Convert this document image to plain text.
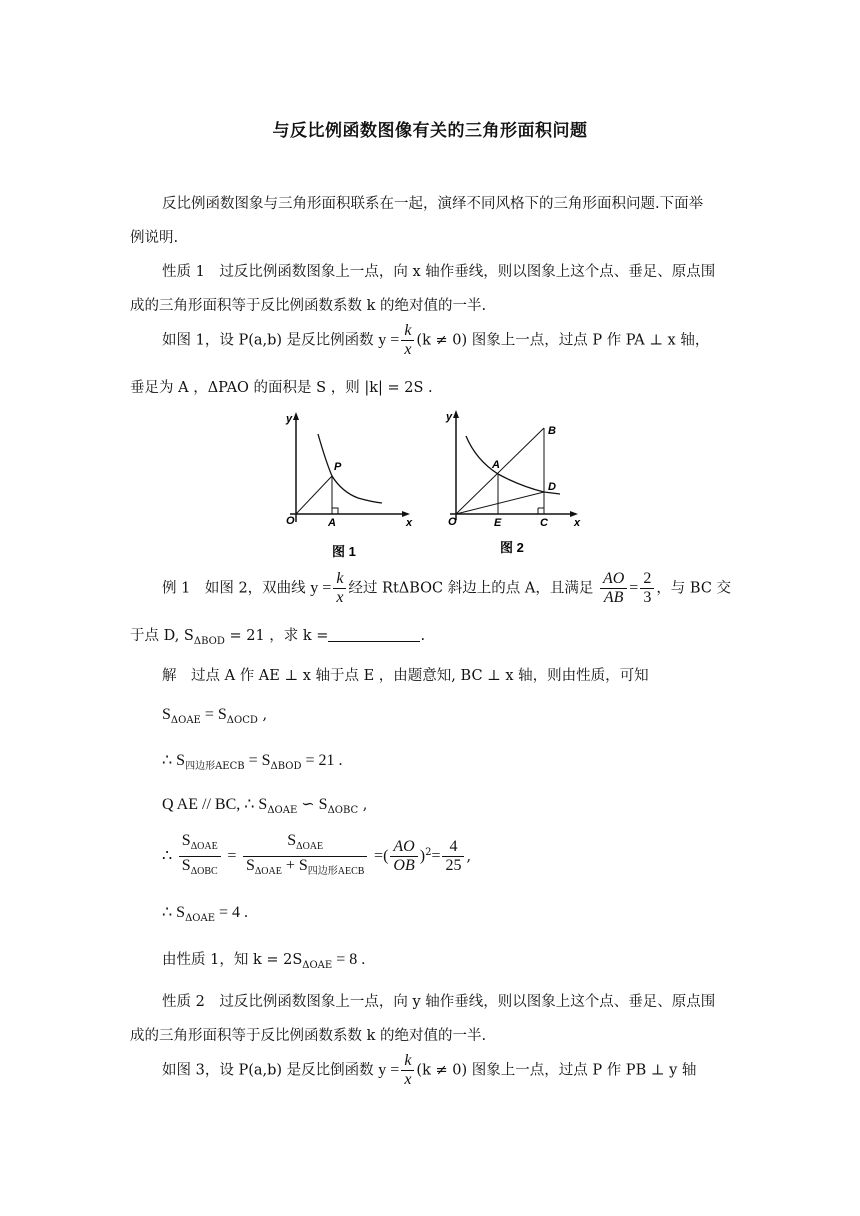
与反比例函数图像有关的三角形面积问题
反比例函数图象与三角形面积联系在一起，演绎不同风格下的三角形面积问题.下面举
例说明.
性质 1　过反比例函数图象上一点，向 x 轴作垂线，则以图象上这个点、垂足、原点围
成的三角形面积等于反比例函数系数 k 的绝对值的一半.
如图 1，设 P(a,b) 是反比例函数 $y = \frac{k}{x} (k \ne 0)$ 图象上一点，过点 P 作 PA ⊥ x 轴，
垂足为 A ，ΔPAO 的面积是 S ，则 |k| = 2S .
y
P
O	A	x
图 1
y
B
A
D
O	E	C x
图 2
例 1　如图 2，双曲线 $y = \frac{k}{x}$ 经过 RtΔBOC 斜边上的点 A，且满足 $\frac{AO}{AB} = \frac{2}{3}$ ，与 BC 交
于点 D, $S_{\Delta BOD} = 21$ ，求 k =	.
解　过点 A 作 AE ⊥ x 轴于点 E ，由题意知, BC ⊥ x 轴，则由性质，可知
$S_{\Delta OAE} = S_{\Delta OCD}$ ,
∴ $S_{四边形AECB} = S_{\Delta BOD} = 21$ .
Q AE // BC, ∴ $S_{\Delta OAE}$ ∽ $S_{\Delta OBC}$ ,
∴ $\frac{S_{\Delta OAE}}{S_{\Delta OBC}} = \frac{S_{\Delta OAE}}{S_{\Delta OAE} + S_{四边形AECB}}$ =( $\frac{AO}{OB} )^2= \frac{4}{25}$ ,
∴ $S_{\Delta OAE} = 4$ .
由性质 1，知 $k = 2S_{\Delta OAE} = 8$ .
性质 2　过反比例函数图象上一点，向 y 轴作垂线，则以图象上这个点、垂足、原点围
成的三角形面积等于反比例函数系数 k 的绝对值的一半.
如图 3，设 P(a,b) 是反比倒函数 $y = \frac{k}{x} (k \ne 0)$ 图象上一点，过点 P 作 PB ⊥ y 轴
